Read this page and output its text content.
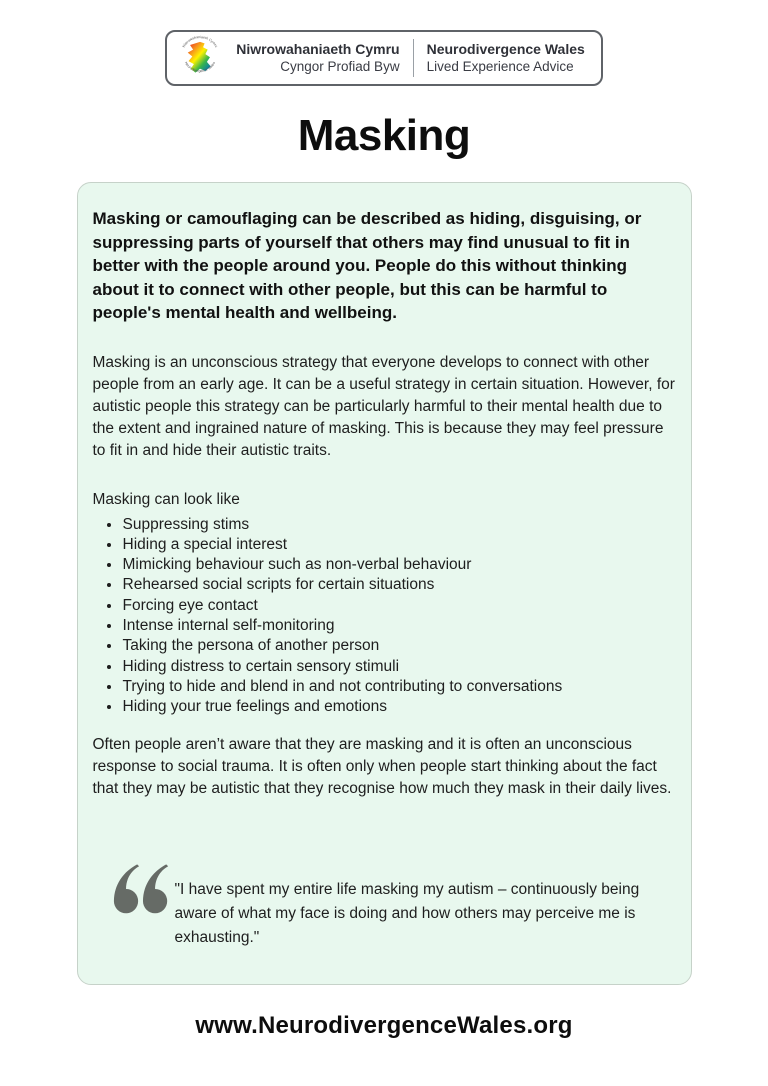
Niwrowahaniaeth Cymru
Neurodivergence Wales
Niwrowahaniaeth Cymru
Cyngor Profiad Byw
Neurodivergence Wales
Lived Experience Advice
Masking

Masking or camouflaging can be described as hiding, disguising, or suppressing parts of yourself that others may find unusual to fit in better with the people around you. People do this without thinking about it to connect with other people, but this can be harmful to people's mental health and wellbeing.

Masking is an unconscious strategy that everyone develops to connect with other people from an early age. It can be a useful strategy in certain situation. However, for autistic people this strategy can be particularly harmful to their mental health due to the extent and ingrained nature of masking. This is because they may feel pressure to fit in and hide their autistic traits.

Masking can look like

• Suppressing stims
• Hiding a special interest
• Mimicking behaviour such as non-verbal behaviour
• Rehearsed social scripts for certain situations
• Forcing eye contact
• Intense internal self-monitoring
• Taking the persona of another person
• Hiding distress to certain sensory stimuli
• Trying to hide and blend in and not contributing to conversations
• Hiding your true feelings and emotions

Often people aren’t aware that they are masking and it is often an unconscious response to social trauma. It is often only when people start thinking about the fact that they may be autistic that they recognise how much they mask in their daily lives.

"I have spent my entire life masking my autism – continuously being aware of what my face is doing and how others may perceive me is exhausting."

www.NeurodivergenceWales.org
